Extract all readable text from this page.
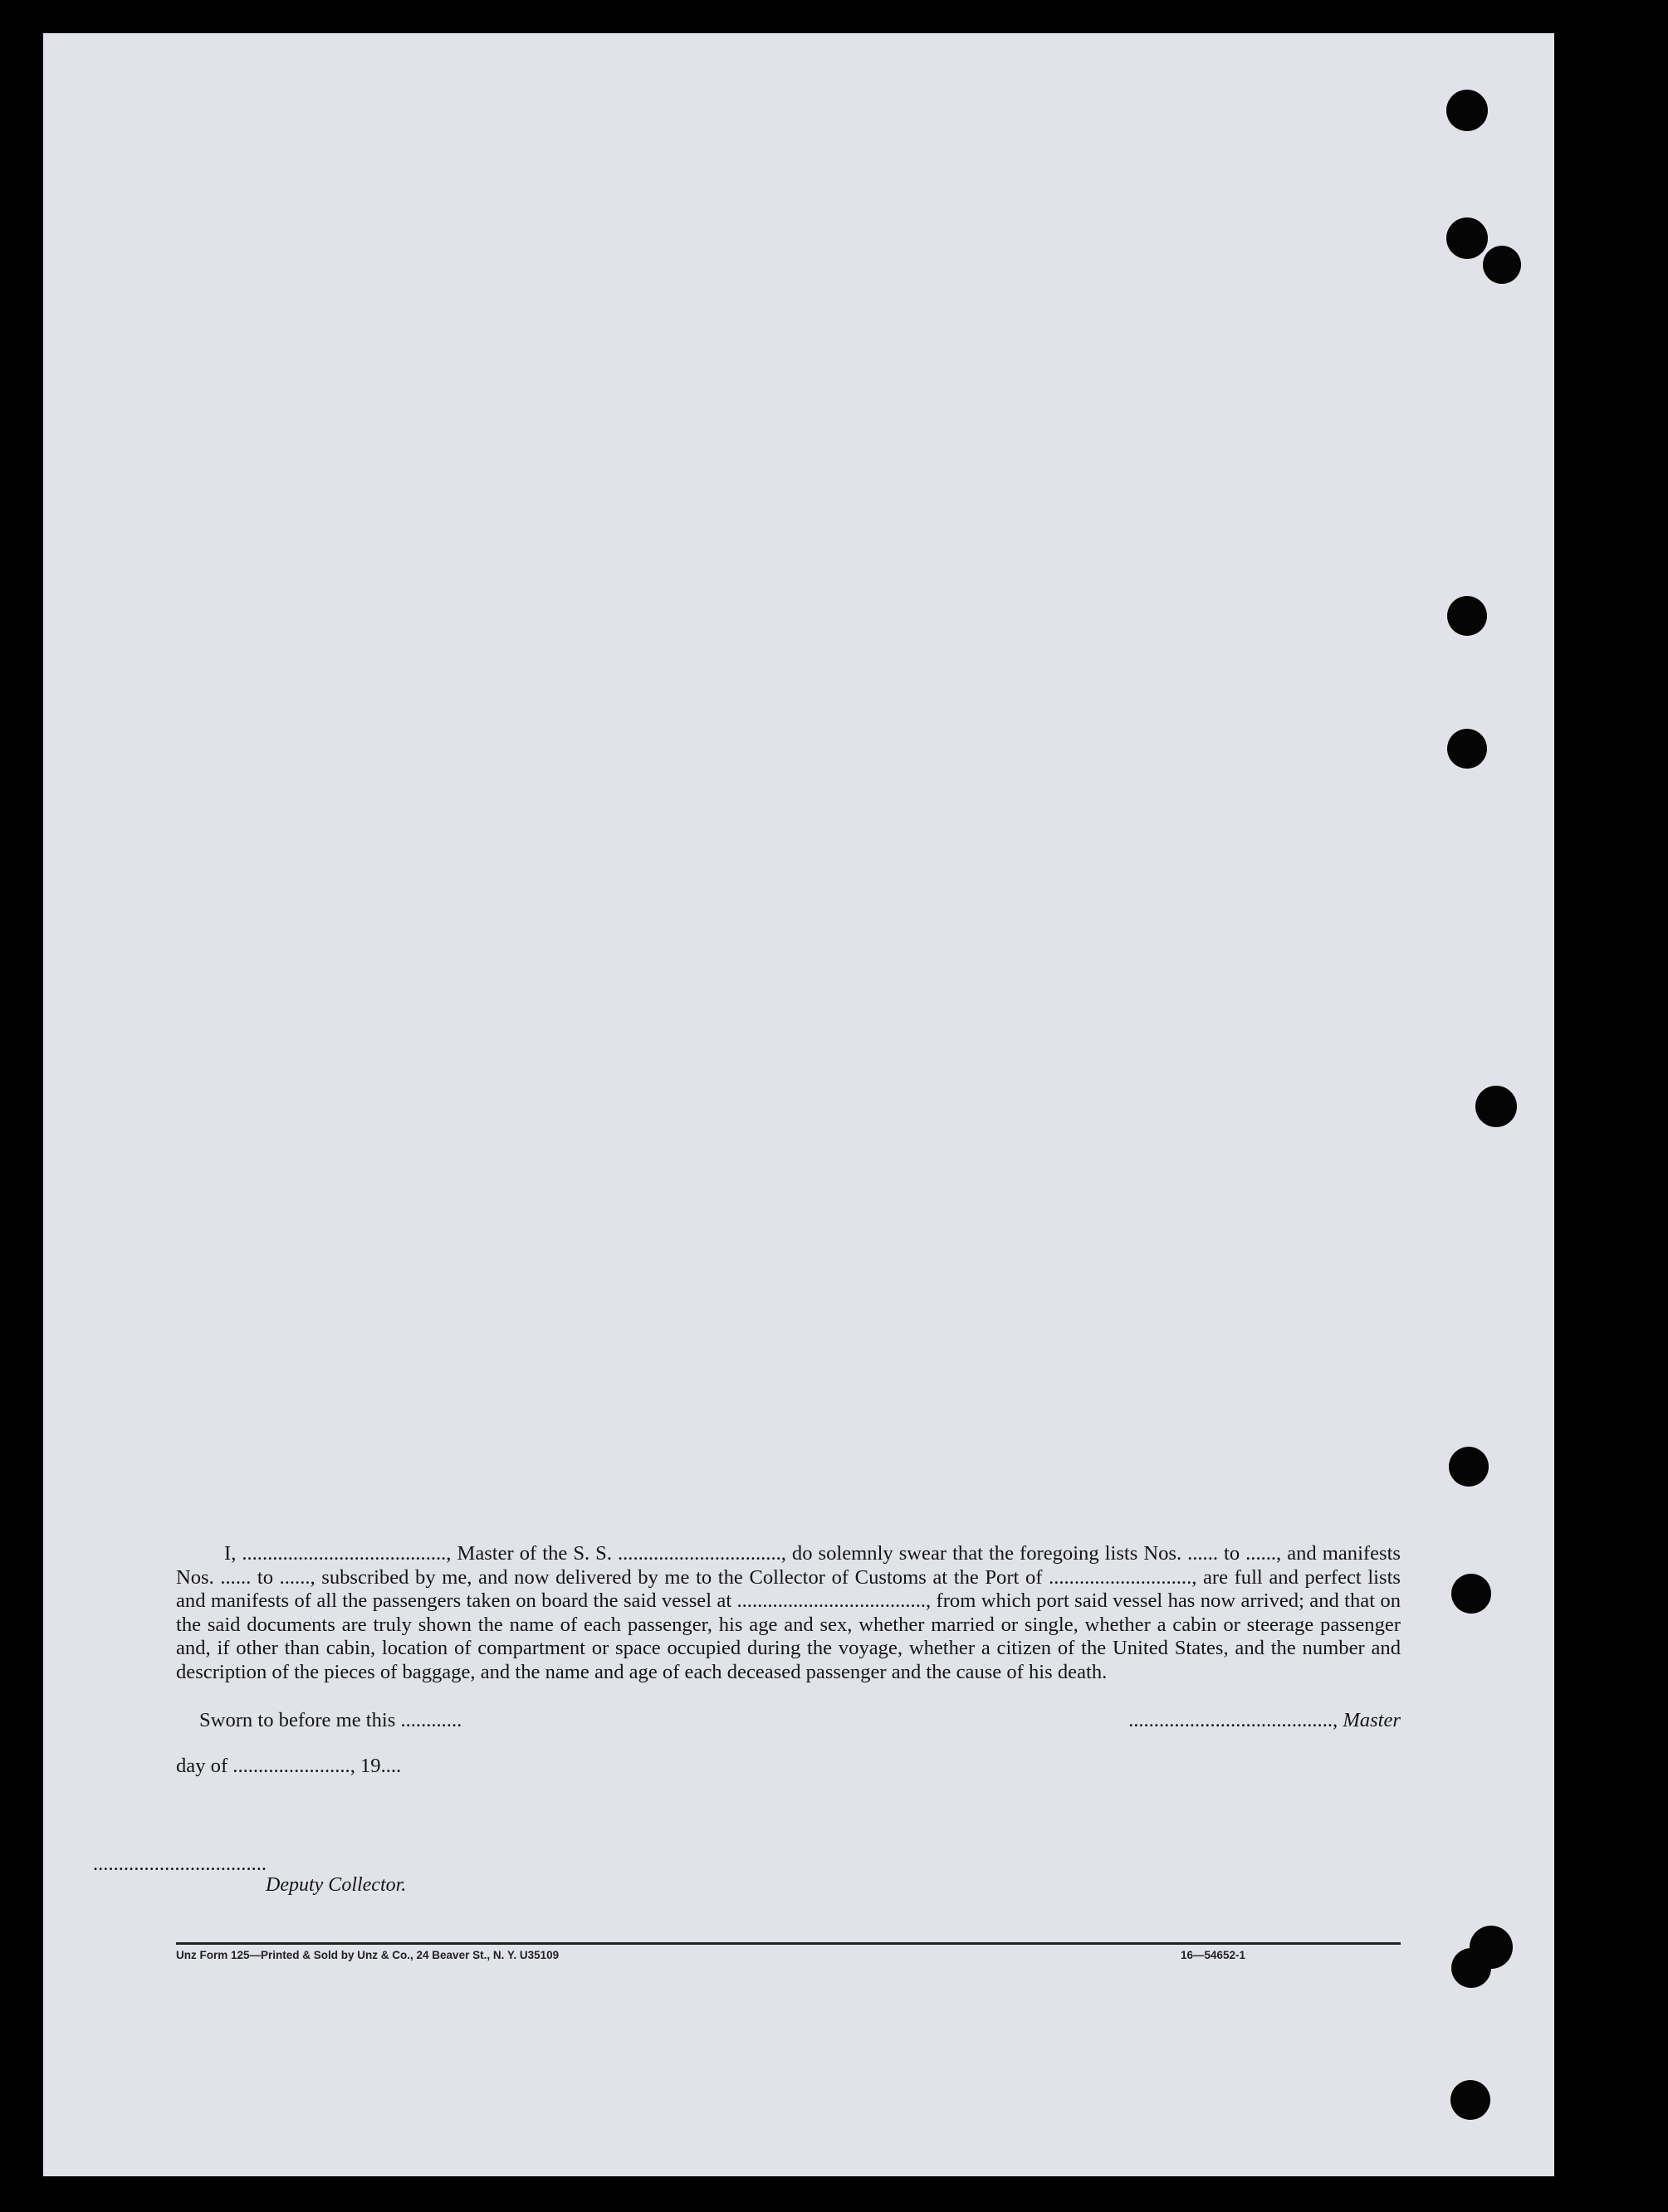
I, ........................................, Master of the S. S. ................................, do solemnly swear that the foregoing lists Nos. ...... to ......, and manifests Nos. ...... to ......, subscribed by me, and now delivered by me to the Collector of Customs at the Port of ............................, are full and perfect lists and manifests of all the passengers taken on board the said vessel at ....................................., from which port said vessel has now arrived; and that on the said documents are truly shown the name of each passenger, his age and sex, whether married or single, whether a cabin or steerage passenger and, if other than cabin, location of compartment or space occupied during the voyage, whether a citizen of the United States, and the number and description of the pieces of baggage, and the name and age of each deceased passenger and the cause of his death.

Sworn to before me this ............	........................................, Master
day of ......................., 19....
..................................
Deputy Collector.
Unz Form 125—Printed & Sold by Unz & Co., 24 Beaver St., N. Y. U35109	16—54652-1
